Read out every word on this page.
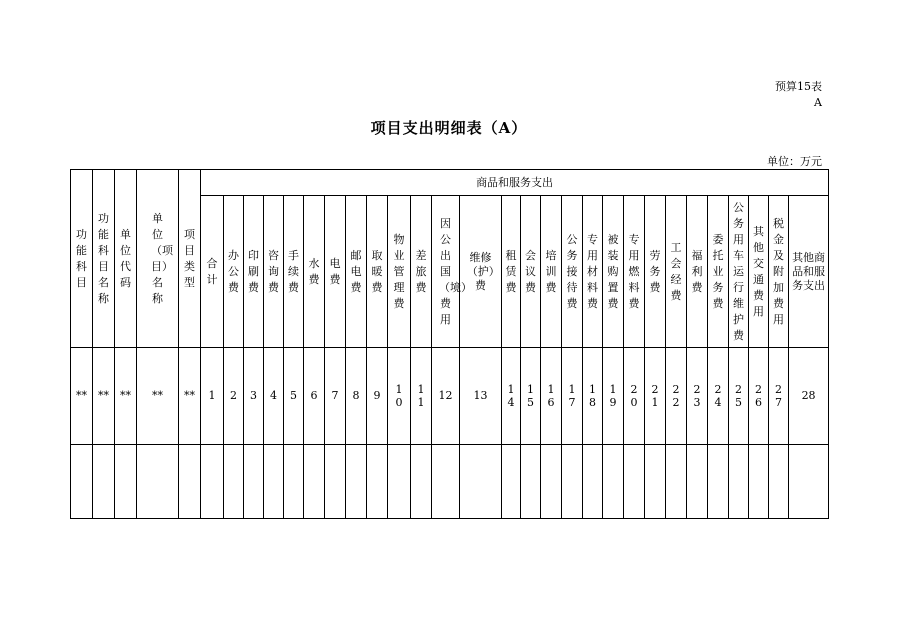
预算15表
A
项目支出明细表（A）
单位：万元
功能科目	功能科目名称	单位代码	单位（项目）名称	项目类型	商品和服务支出																											
					合计	办公费	印刷费	咨询费	手续费	水费	电费	邮电费	取暖费	物业管理费	差旅费	因公出国（境）费用	维修（护）费	租赁费	会议费	培训费	公务接待费	专用材料费	被装购置费	专用燃料费	劳务费	工会经费	福利费	委托业务费	公务用车运行维护费	其他交通费用	税金及附加费用	其他商品和服务支出
**	**	**	**	**	1	2	3	4	5	6	7	8	9	10	11	12	13	14	15	16	17	18	19	20	21	22	23	24	25	26	27	28
